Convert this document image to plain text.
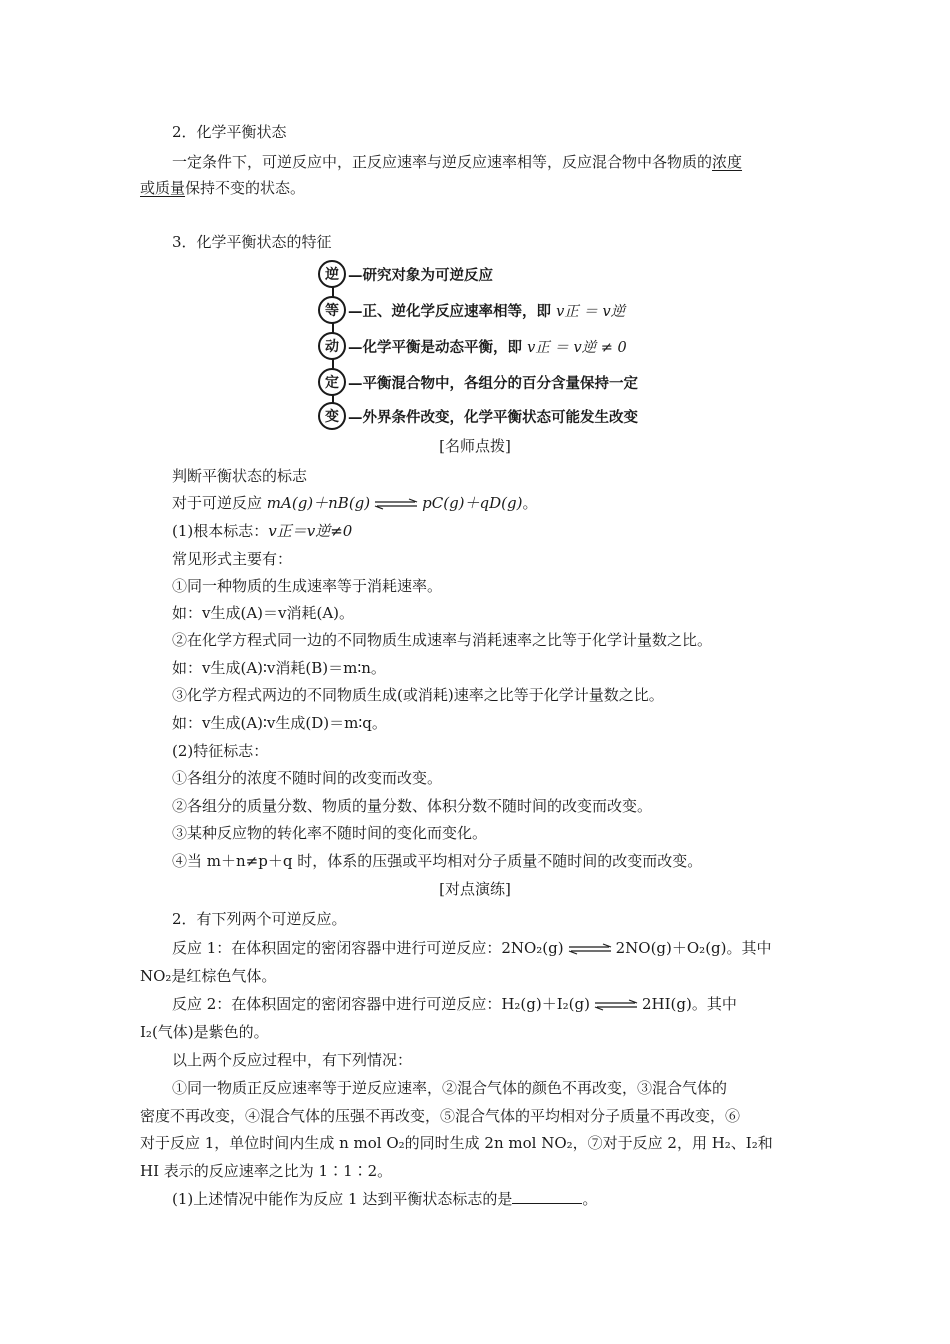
2．化学平衡状态
一定条件下，可逆反应中，正反应速率与逆反应速率相等，反应混合物中各物质的浓度
或质量保持不变的状态。
3．化学平衡状态的特征
逆 —研究对象为可逆反应
等 —正、逆化学反应速率相等，即 v正 ＝ v逆
动 —化学平衡是动态平衡，即 v正 ＝ v逆 ≠ 0
定 —平衡混合物中，各组分的百分含量保持一定
变 —外界条件改变，化学平衡状态可能发生改变
[名师点拨]
判断平衡状态的标志
对于可逆反应 mA(g)＋nB(g) ⇌ pC(g)＋qD(g)。
(1)根本标志：v正＝v逆≠0
常见形式主要有：
①同一种物质的生成速率等于消耗速率。
如：v生成(A)＝v消耗(A)。
②在化学方程式同一边的不同物质生成速率与消耗速率之比等于化学计量数之比。
如：v生成(A)∶v消耗(B)＝m∶n。
③化学方程式两边的不同物质生成(或消耗)速率之比等于化学计量数之比。
如：v生成(A)∶v生成(D)＝m∶q。
(2)特征标志：
①各组分的浓度不随时间的改变而改变。
②各组分的质量分数、物质的量分数、体积分数不随时间的改变而改变。
③某种反应物的转化率不随时间的变化而变化。
④当 m＋n≠p＋q 时，体系的压强或平均相对分子质量不随时间的改变而改变。
[对点演练]
2．有下列两个可逆反应。
反应 1：在体积固定的密闭容器中进行可逆反应：2NO₂(g) ⇌ 2NO(g)＋O₂(g)。其中
NO₂是红棕色气体。
反应 2：在体积固定的密闭容器中进行可逆反应：H₂(g)＋I₂(g) ⇌ 2HI(g)。其中
I₂(气体)是紫色的。
以上两个反应过程中，有下列情况：
①同一物质正反应速率等于逆反应速率，②混合气体的颜色不再改变，③混合气体的
密度不再改变，④混合气体的压强不再改变，⑤混合气体的平均相对分子质量不再改变，⑥
对于反应 1，单位时间内生成 n mol O₂的同时生成 2n mol NO₂，⑦对于反应 2，用 H₂、I₂和
HI 表示的反应速率之比为 1∶1∶2。
(1)上述情况中能作为反应 1 达到平衡状态标志的是	。
